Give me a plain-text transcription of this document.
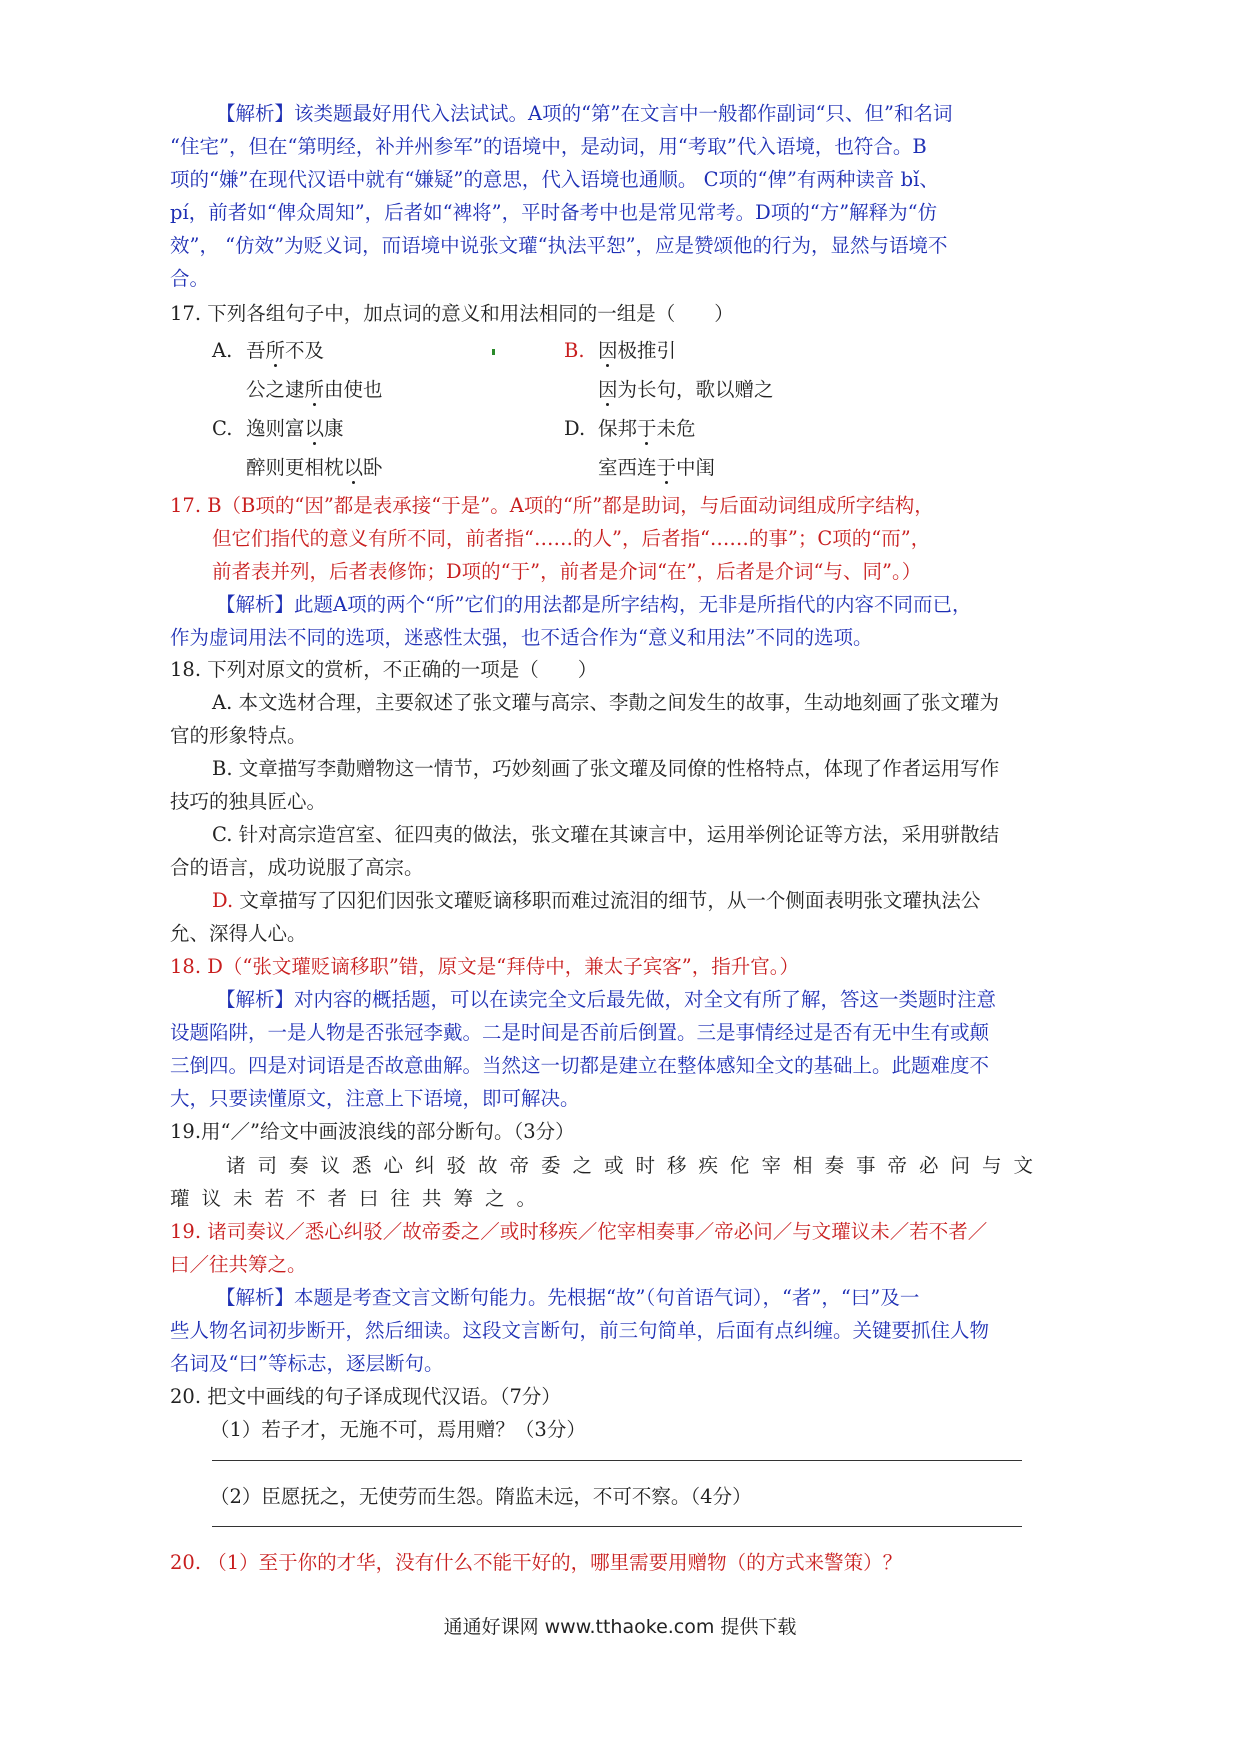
【解析】该类题最好用代入法试试。A项的“第”在文言中一般都作副词“只、但”和名词
“住宅”，但在“第明经，补并州参军”的语境中，是动词，用“考取”代入语境，也符合。B
项的“嫌”在现代汉语中就有“嫌疑”的意思，代入语境也通顺。 C项的“俾”有两种读音 bǐ、
pí，前者如“俾众周知”，后者如“裨将”，平时备考中也是常见常考。D项的“方”解释为“仿
效”， “仿效”为贬义词，而语境中说张文瓘“执法平恕”，应是赞颂他的行为，显然与语境不
合。
17. 下列各组句子中，加点词的意义和用法相同的一组是（　　）
A. 吾所不及
公之逮所由使也
B. 因极推引
因为长句，歌以赠之
C. 逸则富以康
醉则更相枕以卧
D. 保邦于未危
室西连于中闺
17. B（B项的“因”都是表承接“于是”。A项的“所”都是助词，与后面动词组成所字结构，
但它们指代的意义有所不同，前者指“……的人”，后者指“……的事”；C项的“而”，
前者表并列，后者表修饰；D项的“于”，前者是介词“在”，后者是介词“与、同”。）
【解析】此题A项的两个“所”它们的用法都是所字结构，无非是所指代的内容不同而已，
作为虚词用法不同的选项，迷惑性太强，也不适合作为“意义和用法”不同的选项。
18. 下列对原文的赏析，不正确的一项是（　　）
A. 本文选材合理，主要叙述了张文瓘与高宗、李勣之间发生的故事，生动地刻画了张文瓘为
官的形象特点。
B. 文章描写李勣赠物这一情节，巧妙刻画了张文瓘及同僚的性格特点，体现了作者运用写作
技巧的独具匠心。
C. 针对高宗造宫室、征四夷的做法，张文瓘在其谏言中，运用举例论证等方法，采用骈散结
合的语言，成功说服了高宗。
D. 文章描写了囚犯们因张文瓘贬谪移职而难过流泪的细节，从一个侧面表明张文瓘执法公
允、深得人心。
18. D（“张文瓘贬谪移职”错，原文是“拜侍中，兼太子宾客”，指升官。）
【解析】对内容的概括题，可以在读完全文后最先做，对全文有所了解，答这一类题时注意
设题陷阱，一是人物是否张冠李戴。二是时间是否前后倒置。三是事情经过是否有无中生有或颠
三倒四。四是对词语是否故意曲解。当然这一切都是建立在整体感知全文的基础上。此题难度不
大，只要读懂原文，注意上下语境，即可解决。
19.用“／”给文中画波浪线的部分断句。（3分）
诸司奏议悉心纠驳故帝委之或时移疾佗宰相奏事帝必问与文
瓘议未若不者曰往共筹之。
19. 诸司奏议／悉心纠驳／故帝委之／或时移疾／佗宰相奏事／帝必问／与文瓘议未／若不者／
曰／往共筹之。
【解析】本题是考查文言文断句能力。先根据“故”（句首语气词），“者”，“曰”及一
些人物名词初步断开，然后细读。这段文言断句，前三句简单，后面有点纠缠。关键要抓住人物
名词及“曰”等标志，逐层断句。
20. 把文中画线的句子译成现代汉语。（7分）
（1）若子才，无施不可，焉用赠？（3分）
（2）臣愿抚之，无使劳而生怨。隋监未远，不可不察。（4分）
20. （1）至于你的才华，没有什么不能干好的，哪里需要用赠物（的方式来警策）？
通通好课网 www.tthaoke.com 提供下载
